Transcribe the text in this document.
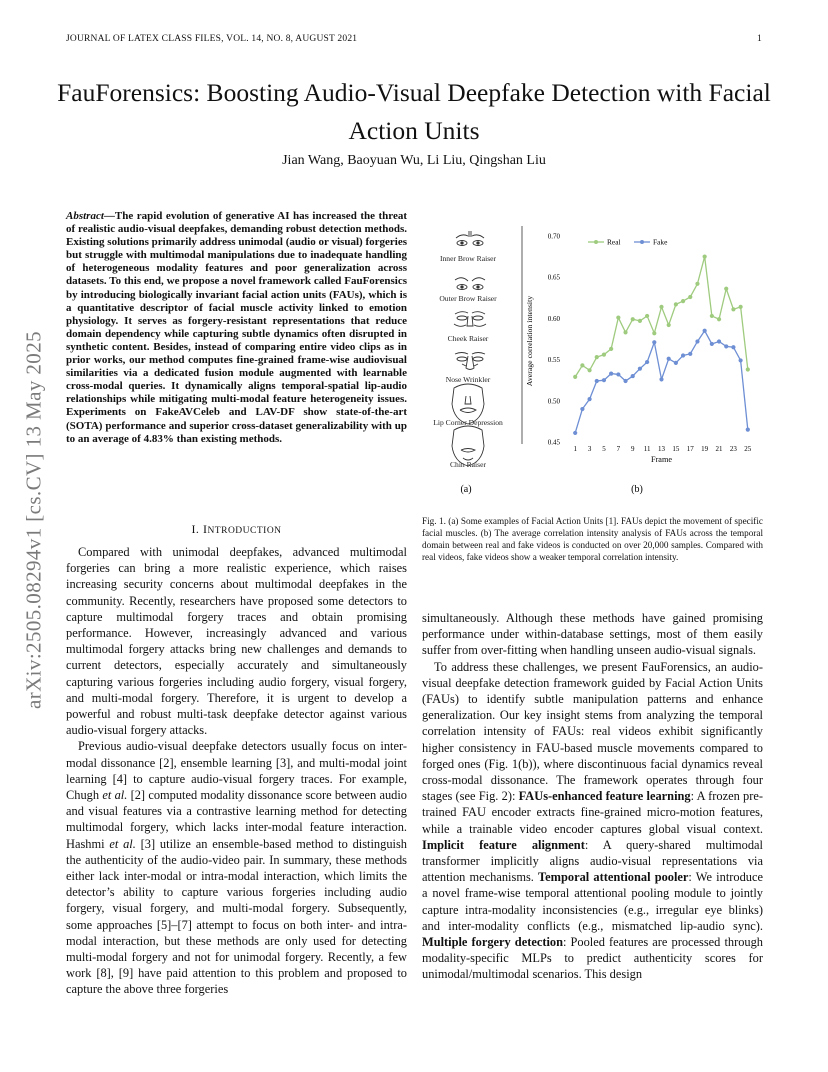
JOURNAL OF LATEX CLASS FILES, VOL. 14, NO. 8, AUGUST 2021	1
arXiv:2505.08294v1 [cs.CV] 13 May 2025
FauForensics: Boosting Audio-Visual Deepfake Detection with Facial Action Units
Jian Wang, Baoyuan Wu, Li Liu, Qingshan Liu
Abstract—The rapid evolution of generative AI has increased the threat of realistic audio-visual deepfakes, demanding robust detection methods. Existing solutions primarily address unimodal (audio or visual) forgeries but struggle with multimodal manipulations due to inadequate handling of heterogeneous modality features and poor generalization across datasets. To this end, we propose a novel framework called FauForensics by introducing biologically invariant facial action units (FAUs), which is a quantitative descriptor of facial muscle activity linked to emotion physiology. It serves as forgery-resistant representations that reduce domain dependency while capturing subtle dynamics often disrupted in synthetic content. Besides, instead of comparing entire video clips as in prior works, our method computes fine-grained frame-wise audiovisual similarities via a dedicated fusion module augmented with learnable cross-modal queries. It dynamically aligns temporal-spatial lip-audio relationships while mitigating multi-modal feature heterogeneity issues. Experiments on FakeAVCeleb and LAV-DF show state-of-the-art (SOTA) performance and superior cross-dataset generalizability with up to an average of 4.83% than existing methods.
I. INTRODUCTION

Compared with unimodal deepfakes, advanced multimodal forgeries can bring a more realistic experience, which raises increasing security concerns about multimodal deepfakes in the community. Recently, researchers have proposed some detectors to capture multimodal forgery traces and obtain promising performance. However, increasingly advanced and various multimodal forgery attacks bring new challenges and demands to current detectors, especially accurately and simultaneously capturing various forgeries including audio forgery, visual forgery, and multi-modal forgery. Therefore, it is urgent to develop a powerful and robust multi-task deepfake detector against various audio-visual forgery attacks.

Previous audio-visual deepfake detectors usually focus on inter-modal dissonance [2], ensemble learning [3], and multi-modal joint learning [4] to capture audio-visual forgery traces. For example, Chugh et al. [2] computed modality dissonance score between audio and visual features via a contrastive learning method for detecting multimodal forgery, which lacks inter-modal feature interaction. Hashmi et al. [3] utilize an ensemble-based method to distinguish the authenticity of the audio-video pair. In summary, these methods either lack inter-modal or intra-modal interaction, which limits the detector’s ability to capture various forgeries including audio forgery, visual forgery, and multi-modal forgery. Subsequently, some approaches [5]–[7] attempt to focus on both inter- and intra-modal interaction, but these methods are only used for detecting multi-modal forgery and not for unimodal forgery. Recently, a few work [8], [9] have paid attention to this problem and proposed to capture the above three forgeries

simultaneously. Although these methods have gained promising performance under within-database settings, most of them easily suffer from over-fitting when handling unseen audio-visual signals.

To address these challenges, we present FauForensics, an audio-visual deepfake detection framework guided by Facial Action Units (FAUs) to identify subtle manipulation patterns and enhance generalization. Our key insight stems from analyzing the temporal correlation intensity of FAUs: real videos exhibit significantly higher consistency in FAU-based muscle movements compared to forged ones (Fig. 1(b)), where discontinuous facial dynamics reveal cross-modal dissonance. The framework operates through four stages (see Fig. 2): FAUs-enhanced feature learning: A frozen pre-trained FAU encoder extracts fine-grained micro-motion features, while a trainable video encoder captures global visual context. Implicit feature alignment: A query-shared multimodal transformer implicitly aligns audio-visual representations via attention mechanisms. Temporal attentional pooler: We introduce a novel frame-wise temporal attentional pooling module to jointly capture intra-modality inconsistencies (e.g., irregular eye blinks) and inter-modality conflicts (e.g., mismatched lip-audio sync). Multiple forgery detection: Pooled features are processed through modality-specific MLPs to predict authenticity scores for unimodal/multimodal scenarios. This design

Fig. 1. (a) Some examples of Facial Action Units [1]. FAUs depict the movement of specific facial muscles. (b) The average correlation intensity analysis of FAUs across the temporal domain between real and fake videos is conducted on over 20,000 samples. Compared with real videos, fake videos show a weaker temporal correlation intensity.
Inner Brow Raiser
Outer Brow Raiser
Cheek Raiser
Nose Wrinkler
Lip Corner Depression
Chin Raiser
(a)	(b)
0.45
0.50
0.55
0.60
0.65
0.70
1 3 5 7 9 11 13 15 17 19 21 23 25
Real	Fake
Frame
Average correlation intensity
